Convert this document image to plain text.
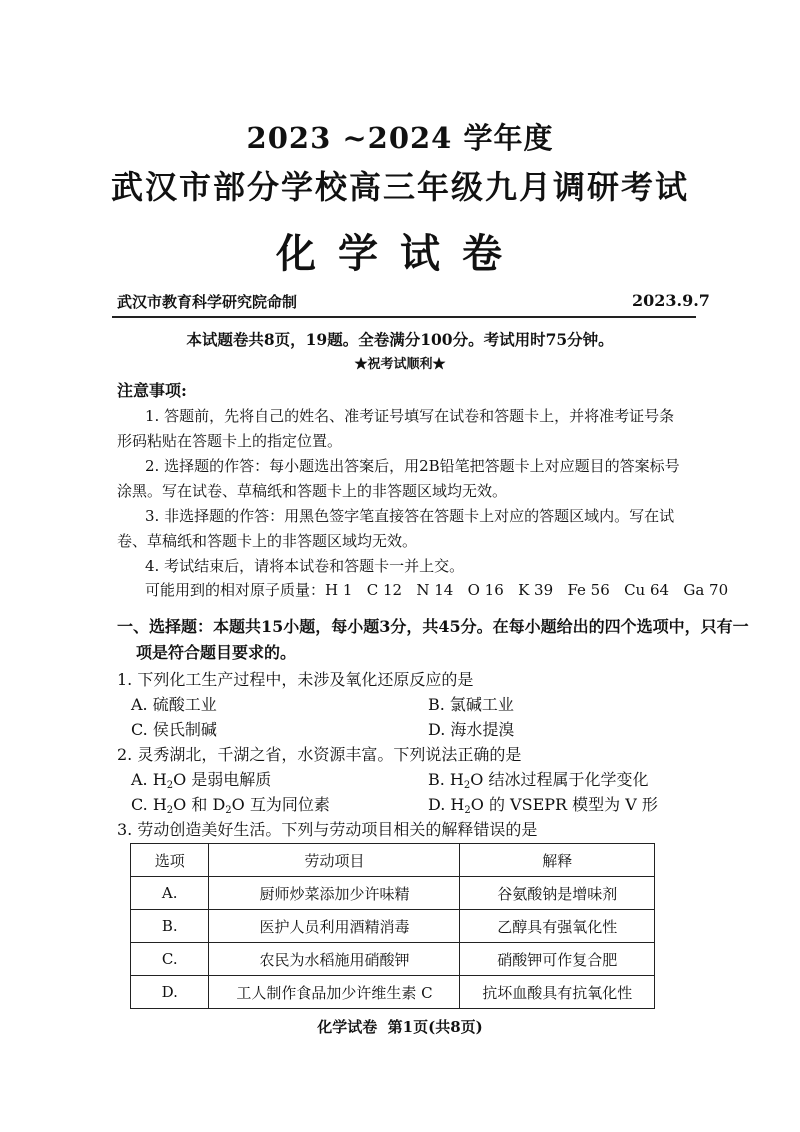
2023 ~2024 学年度
武汉市部分学校高三年级九月调研考试
化学试卷
武汉市教育科学研究院命制	2023.9.7
本试题卷共8页，19题。全卷满分100分。考试用时75分钟。
★祝考试顺利★
注意事项:
1. 答题前，先将自己的姓名、准考证号填写在试卷和答题卡上，并将准考证号条
形码粘贴在答题卡上的指定位置。
2. 选择题的作答：每小题选出答案后，用2B铅笔把答题卡上对应题目的答案标号
涂黑。写在试卷、草稿纸和答题卡上的非答题区域均无效。
3. 非选择题的作答：用黑色签字笔直接答在答题卡上对应的答题区域内。写在试
卷、草稿纸和答题卡上的非答题区域均无效。
4. 考试结束后，请将本试卷和答题卡一并上交。
可能用到的相对原子质量：H 1   C 12   N 14   O 16   K 39   Fe 56   Cu 64   Ga 70
一、选择题：本题共15小题，每小题3分，共45分。在每小题给出的四个选项中，只有一
项是符合题目要求的。
1. 下列化工生产过程中，未涉及氧化还原反应的是
A. 硫酸工业	B. 氯碱工业
C. 侯氏制碱	D. 海水提溴
2. 灵秀湖北，千湖之省，水资源丰富。下列说法正确的是
A. $H_2O$ 是弱电解质	B. $H_2O$ 结冰过程属于化学变化
C. $H_2O$ 和 $D_2O$ 互为同位素	D. $H_2O$ 的 VSEPR 模型为 V 形
3. 劳动创造美好生活。下列与劳动项目相关的解释错误的是
选项	劳动项目	解释
A.	厨师炒菜添加少许味精	谷氨酸钠是增味剂
B.	医护人员利用酒精消毒	乙醇具有强氧化性
C.	农民为水稻施用硝酸钾	硝酸钾可作复合肥
D.	工人制作食品加少许维生素 C	抗坏血酸具有抗氧化性
化学试卷  第1页(共8页)
